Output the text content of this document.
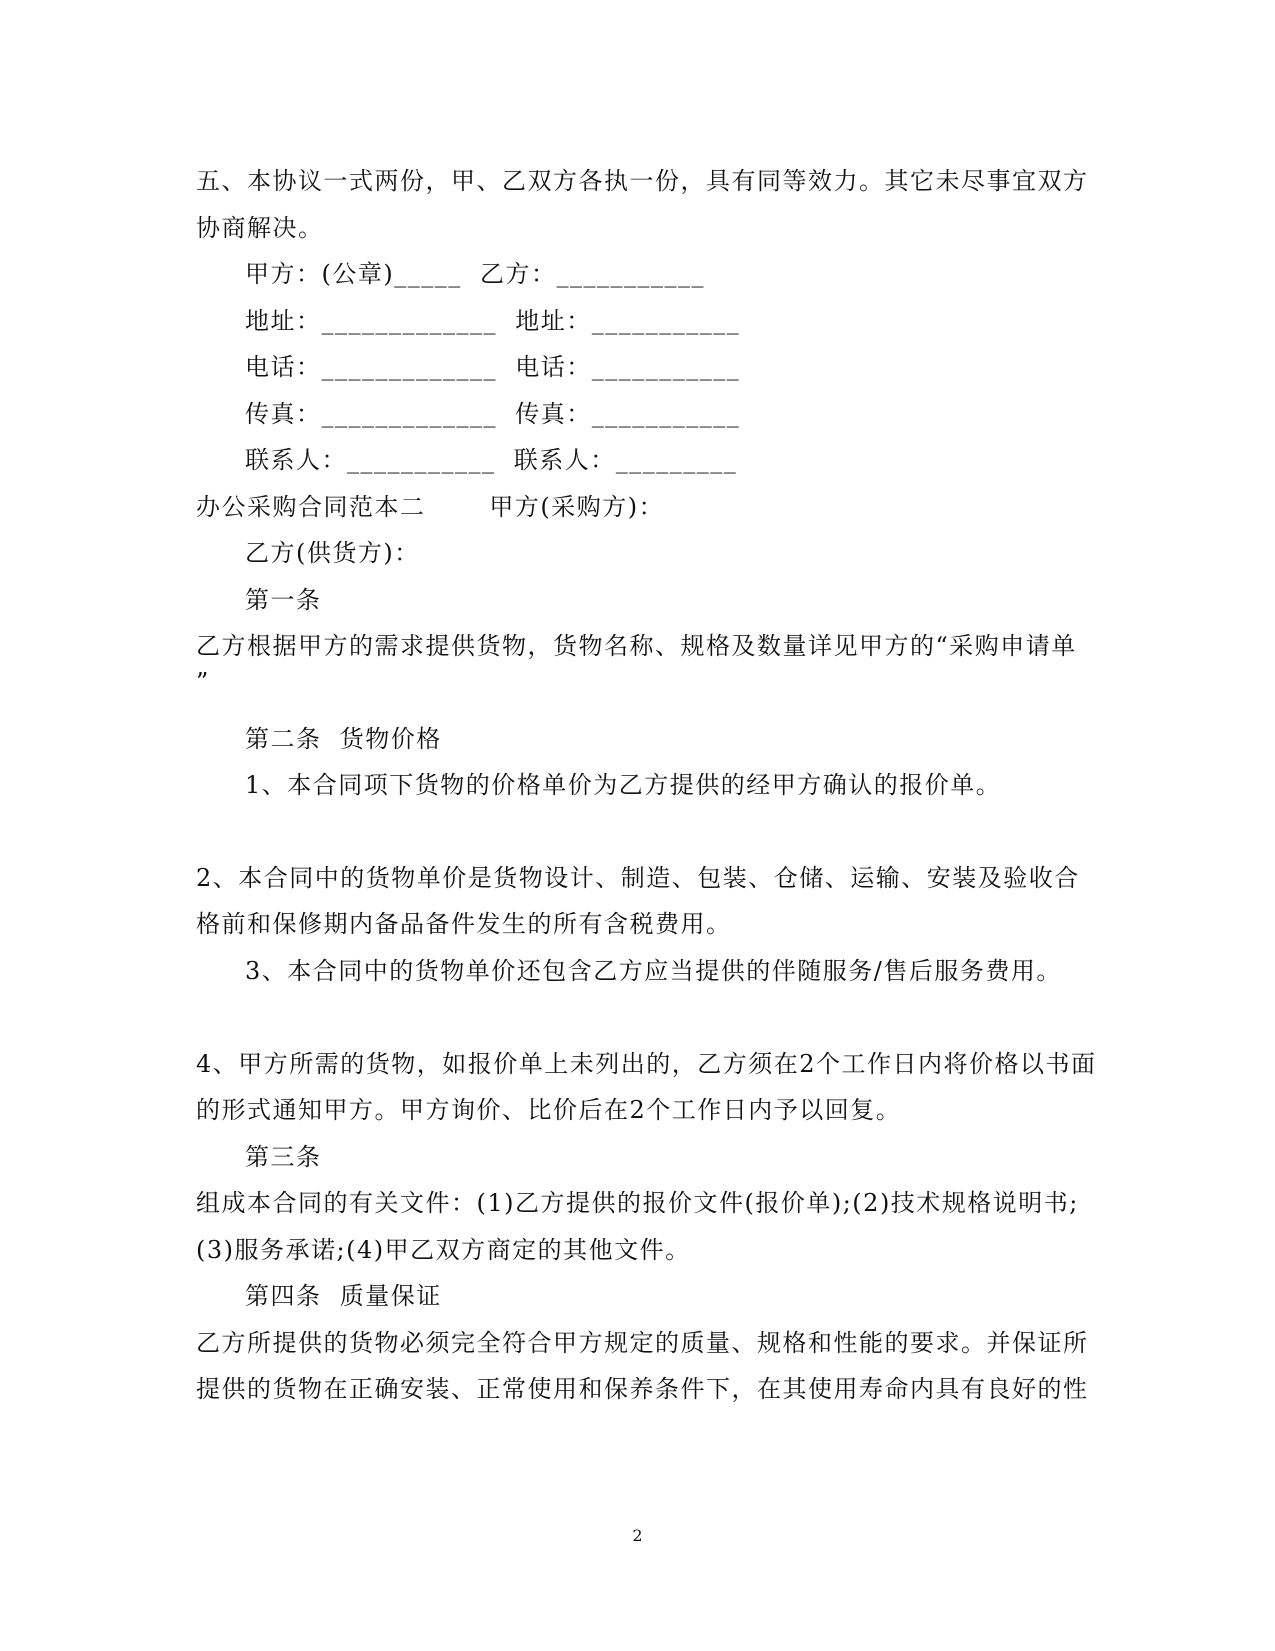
五、本协议一式两份，甲、乙双方各执一份，具有同等效力。其它未尽事宜双方
协商解决。
甲方：(公章)_____  乙方：___________
地址：_____________  地址：___________
电话：_____________  电话：___________
传真：_____________  传真：___________
联系人：___________  联系人：_________
办公采购合同范本二       甲方(采购方)：
乙方(供货方)：
第一条
乙方根据甲方的需求提供货物，货物名称、规格及数量详见甲方的“采购申请单
”
第二条  货物价格
1、本合同项下货物的价格单价为乙方提供的经甲方确认的报价单。
2、本合同中的货物单价是货物设计、制造、包装、仓储、运输、安装及验收合
格前和保修期内备品备件发生的所有含税费用。
3、本合同中的货物单价还包含乙方应当提供的伴随服务/售后服务费用。
4、甲方所需的货物，如报价单上未列出的，乙方须在2个工作日内将价格以书面
的形式通知甲方。甲方询价、比价后在2个工作日内予以回复。
第三条
组成本合同的有关文件：(1)乙方提供的报价文件(报价单);(2)技术规格说明书;
(3)服务承诺;(4)甲乙双方商定的其他文件。
第四条  质量保证
乙方所提供的货物必须完全符合甲方规定的质量、规格和性能的要求。并保证所
提供的货物在正确安装、正常使用和保养条件下，在其使用寿命内具有良好的性
2
